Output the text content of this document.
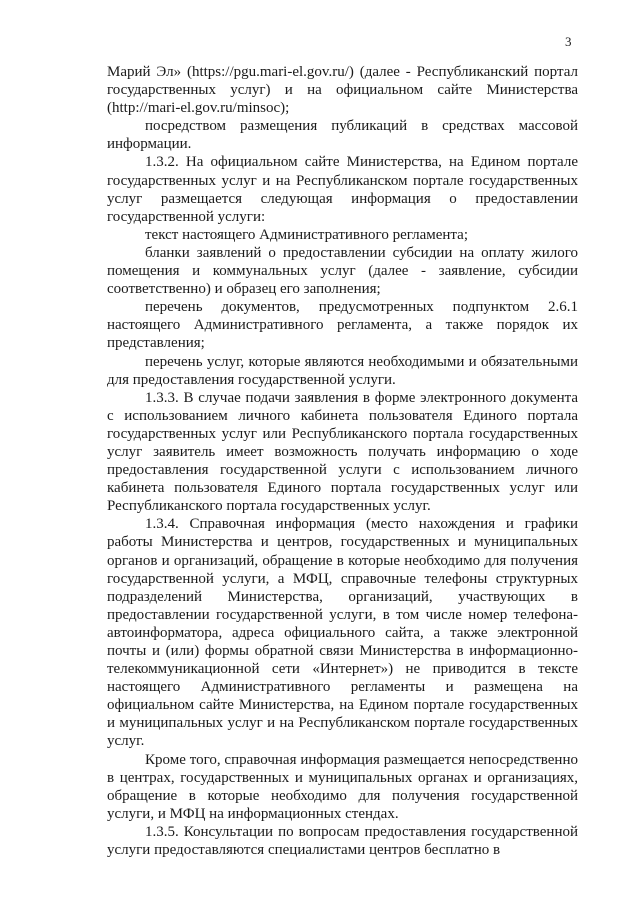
3

Марий Эл» (https://pgu.mari-el.gov.ru/) (далее - Республиканский портал государственных услуг) и на официальном сайте Министерства (http://mari-el.gov.ru/minsoc);

посредством размещения публикаций в средствах массовой информации.

1.3.2. На официальном сайте Министерства, на Едином портале государственных услуг и на Республиканском портале государственных услуг размещается следующая информация о предоставлении государственной услуги:

текст настоящего Административного регламента;

бланки заявлений о предоставлении субсидии на оплату жилого помещения и коммунальных услуг (далее - заявление, субсидии соответственно) и образец его заполнения;

перечень документов, предусмотренных подпунктом 2.6.1 настоящего Административного регламента, а также порядок их представления;

перечень услуг, которые являются необходимыми и обязательными для предоставления государственной услуги.

1.3.3. В случае подачи заявления в форме электронного документа с использованием личного кабинета пользователя Единого портала государственных услуг или Республиканского портала государственных услуг заявитель имеет возможность получать информацию о ходе предоставления государственной услуги с использованием личного кабинета пользователя Единого портала государственных услуг или Республиканского портала государственных услуг.

1.3.4. Справочная информация (место нахождения и графики работы Министерства и центров, государственных и муниципальных органов и организаций, обращение в которые необходимо для получения государственной услуги, а МФЦ, справочные телефоны структурных подразделений Министерства, организаций, участвующих в предоставлении государственной услуги, в том числе номер телефона-автоинформатора, адреса официального сайта, а также электронной почты и (или) формы обратной связи Министерства в информационно-телекоммуникационной сети «Интернет») не приводится в тексте настоящего Административного регламенты и размещена на официальном сайте Министерства, на Едином портале государственных и муниципальных услуг и на Республиканском портале государственных услуг.

Кроме того, справочная информация размещается непосредственно в центрах, государственных и муниципальных органах и организациях, обращение в которые необходимо для получения государственной услуги, и МФЦ на информационных стендах.

1.3.5. Консультации по вопросам предоставления государственной услуги предоставляются специалистами центров бесплатно в
